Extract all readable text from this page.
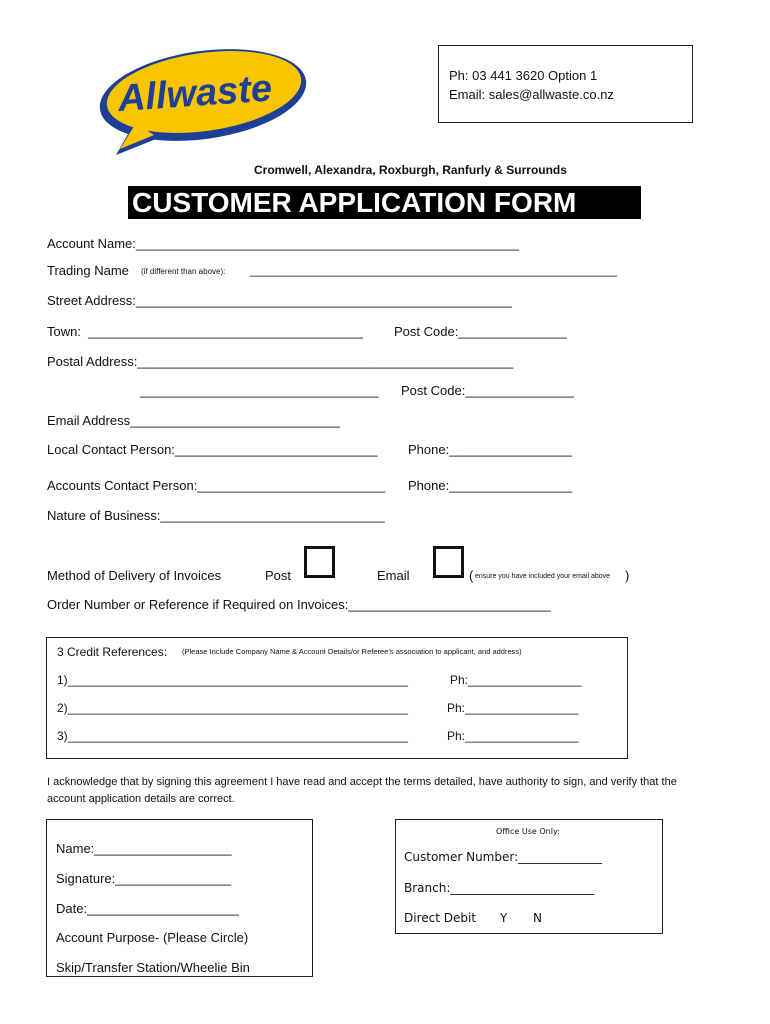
Allwaste	Ph: 03 441 3620 Option 1
Email: sales@allwaste.co.nz
Cromwell, Alexandra, Roxburgh, Ranfurly & Surrounds
CUSTOMER APPLICATION FORM
Account Name:_____________________________________________________
Trading Name (if different than above): _______________________________________________________
Street Address:____________________________________________________
Town:  ______________________________________ Post Code:_______________
Postal Address:____________________________________________________
_________________________________ Post Code:_______________
Email Address_____________________________
Local Contact Person:____________________________ Phone:_________________
Accounts Contact Person:__________________________ Phone:_________________
Nature of Business:_______________________________
Method of Delivery of Invoices	Post	Email	( ensure you have included your email above )
Order Number or Reference if Required on Invoices:____________________________
3 Credit References: (Please Include Company Name & Account Details/or Referee’s association to applicant, and address)
1)___________________________________________________	Ph:_________________
2)___________________________________________________	Ph:_________________
3)___________________________________________________	Ph:_________________
I acknowledge that by signing this agreement I have read and accept the terms detailed, have authority to sign, and verify that the
account application details are correct.
Name:___________________
Signature:________________
Date:_____________________
Account Purpose- (Please Circle)
Skip/Transfer Station/Wheelie Bin
Office Use Only:
Customer Number:______________
Branch:________________________
Direct Debit Y N
